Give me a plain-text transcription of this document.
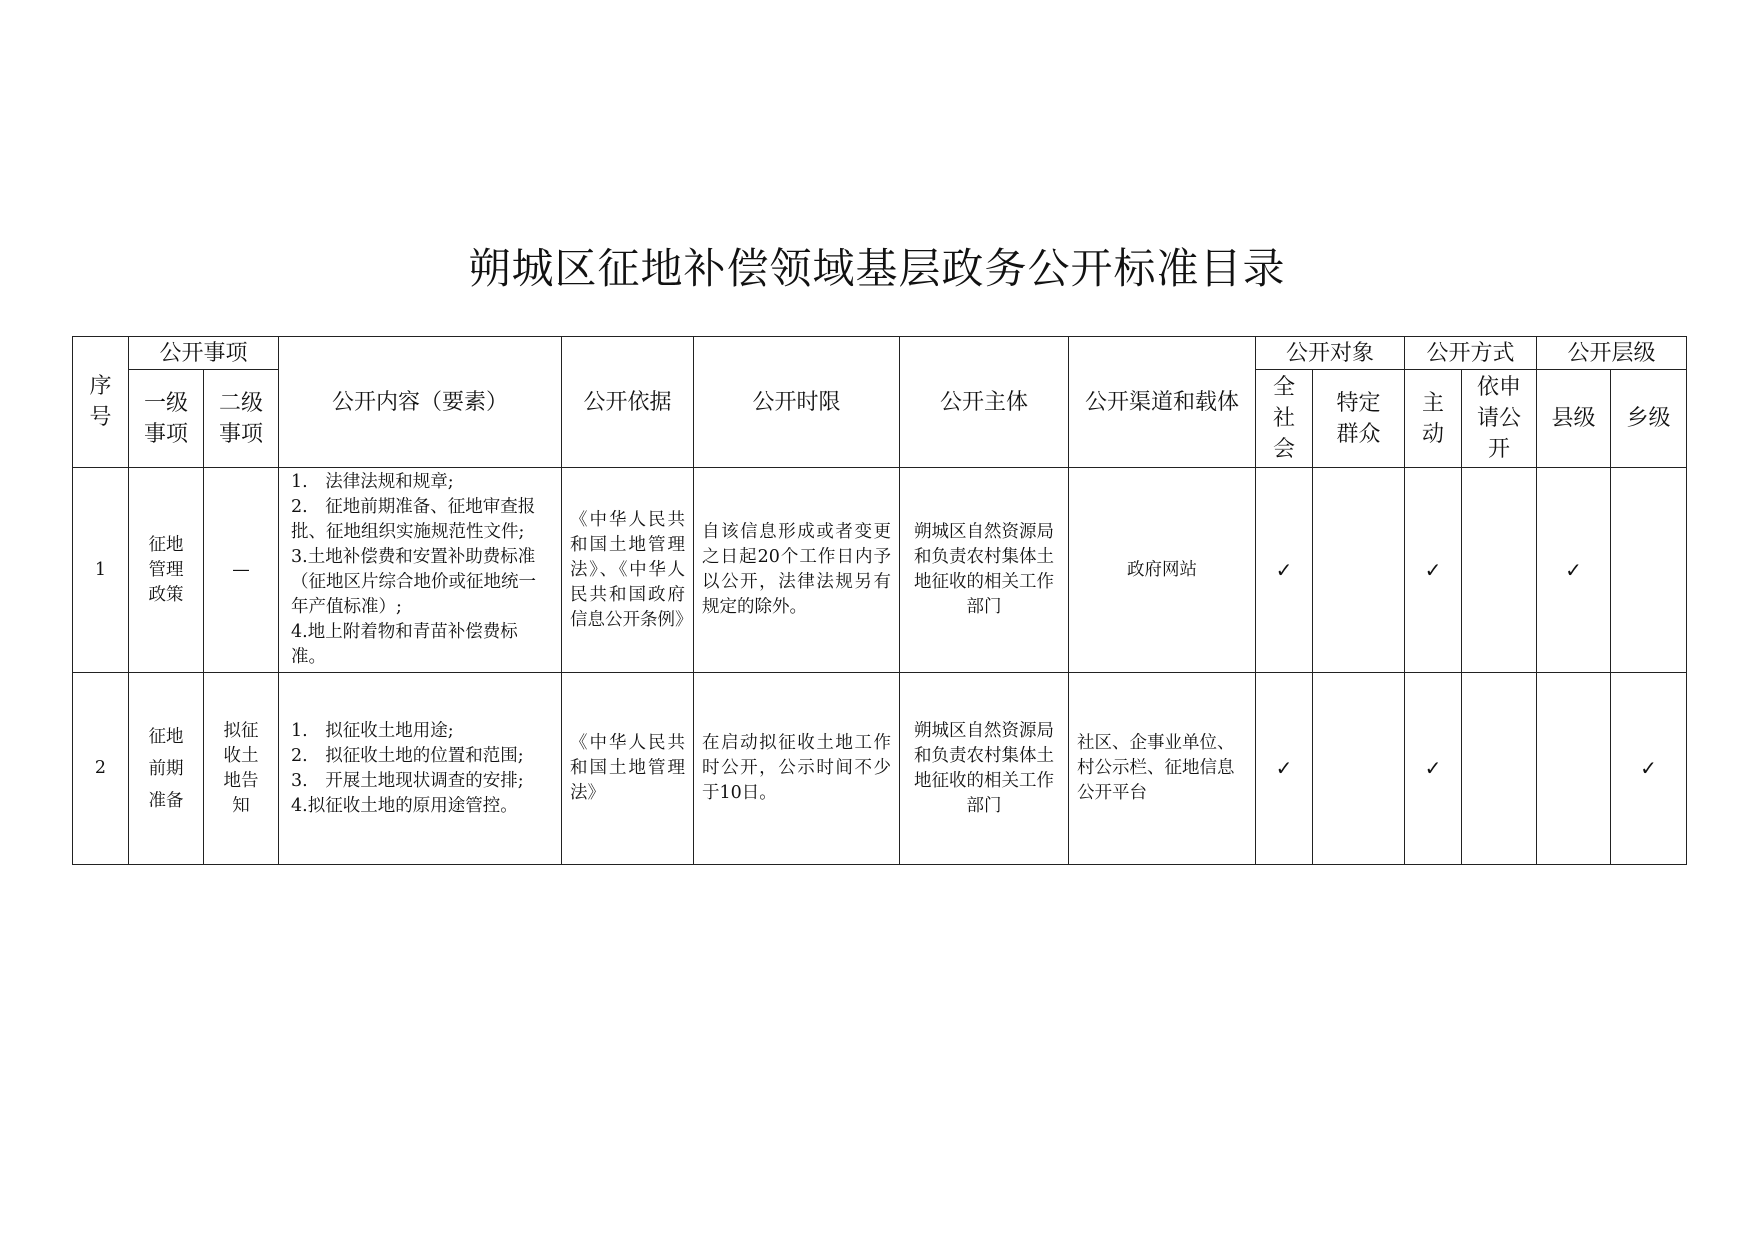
朔城区征地补偿领域基层政务公开标准目录
序号	公开事项		公开内容（要素）	公开依据	公开时限	公开主体	公开渠道和载体	公开对象		公开方式		公开层级	
	一级事项	二级事项						全社会	特定群众	主动	依申请公开	县级	乡级
1	征地管理政策	—	1.　法律法规和规章;
2.　征地前期准备、征地审查报批、征地组织实施规范性文件;
3.土地补偿费和安置补助费标准（征地区片综合地价或征地统一年产值标准）;
4.地上附着物和青苗补偿费标准。	《中华人民共和国土地管理法》、《中华人民共和国政府信息公开条例》	自该信息形成或者变更之日起20个工作日内予以公开，法律法规另有规定的除外。	朔城区自然资源局和负责农村集体土地征收的相关工作部门	政府网站	✓		✓		✓	
2	征地前期准备	拟征收土地告知	1.　拟征收土地用途;
2.　拟征收土地的位置和范围;
3.　开展土地现状调查的安排;
4.拟征收土地的原用途管控。	《中华人民共和国土地管理法》	在启动拟征收土地工作时公开，公示时间不少于10日。	朔城区自然资源局和负责农村集体土地征收的相关工作部门	社区、企事业单位、村公示栏、征地信息公开平台	✓		✓			✓
